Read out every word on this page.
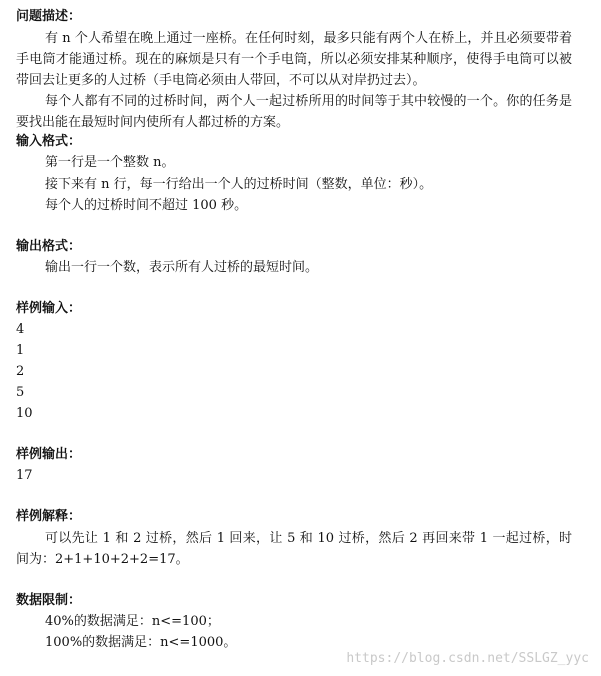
问题描述：
有 n 个人希望在晚上通过一座桥。在任何时刻，最多只能有两个人在桥上，并且必须要带着手电筒才能通过桥。现在的麻烦是只有一个手电筒，所以必须安排某种顺序，使得手电筒可以被带回去让更多的人过桥（手电筒必须由人带回，不可以从对岸扔过去）。
每个人都有不同的过桥时间，两个人一起过桥所用的时间等于其中较慢的一个。你的任务是要找出能在最短时间内使所有人都过桥的方案。
输入格式：
第一行是一个整数 n。
接下来有 n 行，每一行给出一个人的过桥时间（整数，单位：秒）。
每个人的过桥时间不超过 100 秒。
输出格式：
输出一行一个数，表示所有人过桥的最短时间。
样例输入：
4
1
2
5
10
样例输出：
17
样例解释：
可以先让 1 和 2 过桥，然后 1 回来，让 5 和 10 过桥，然后 2 再回来带 1 一起过桥，时间为：2+1+10+2+2=17。
数据限制：
40%的数据满足：n<=100；
100%的数据满足：n<=1000。
https://blog.csdn.net/SSLGZ_yyc
